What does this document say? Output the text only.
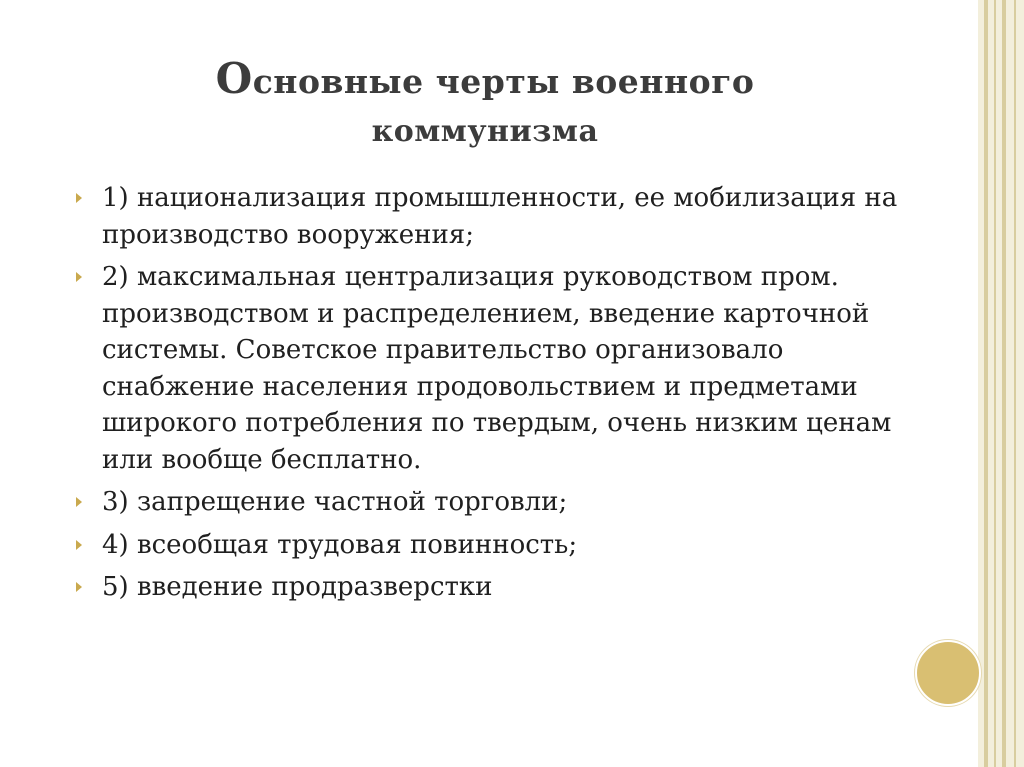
Основные черты военного
коммунизма
1) национализация промышленности, ее мобилизация на производство вооружения;
2) максимальная централизация руководством пром. производством и распределением, введение карточной системы. Советское правительство организовало снабжение населения продовольствием и предметами широкого потребления по твердым, очень низким ценам или вообще бесплатно.
3) запрещение частной торговли;
4) всеобщая трудовая повинность;
5) введение продразверстки
